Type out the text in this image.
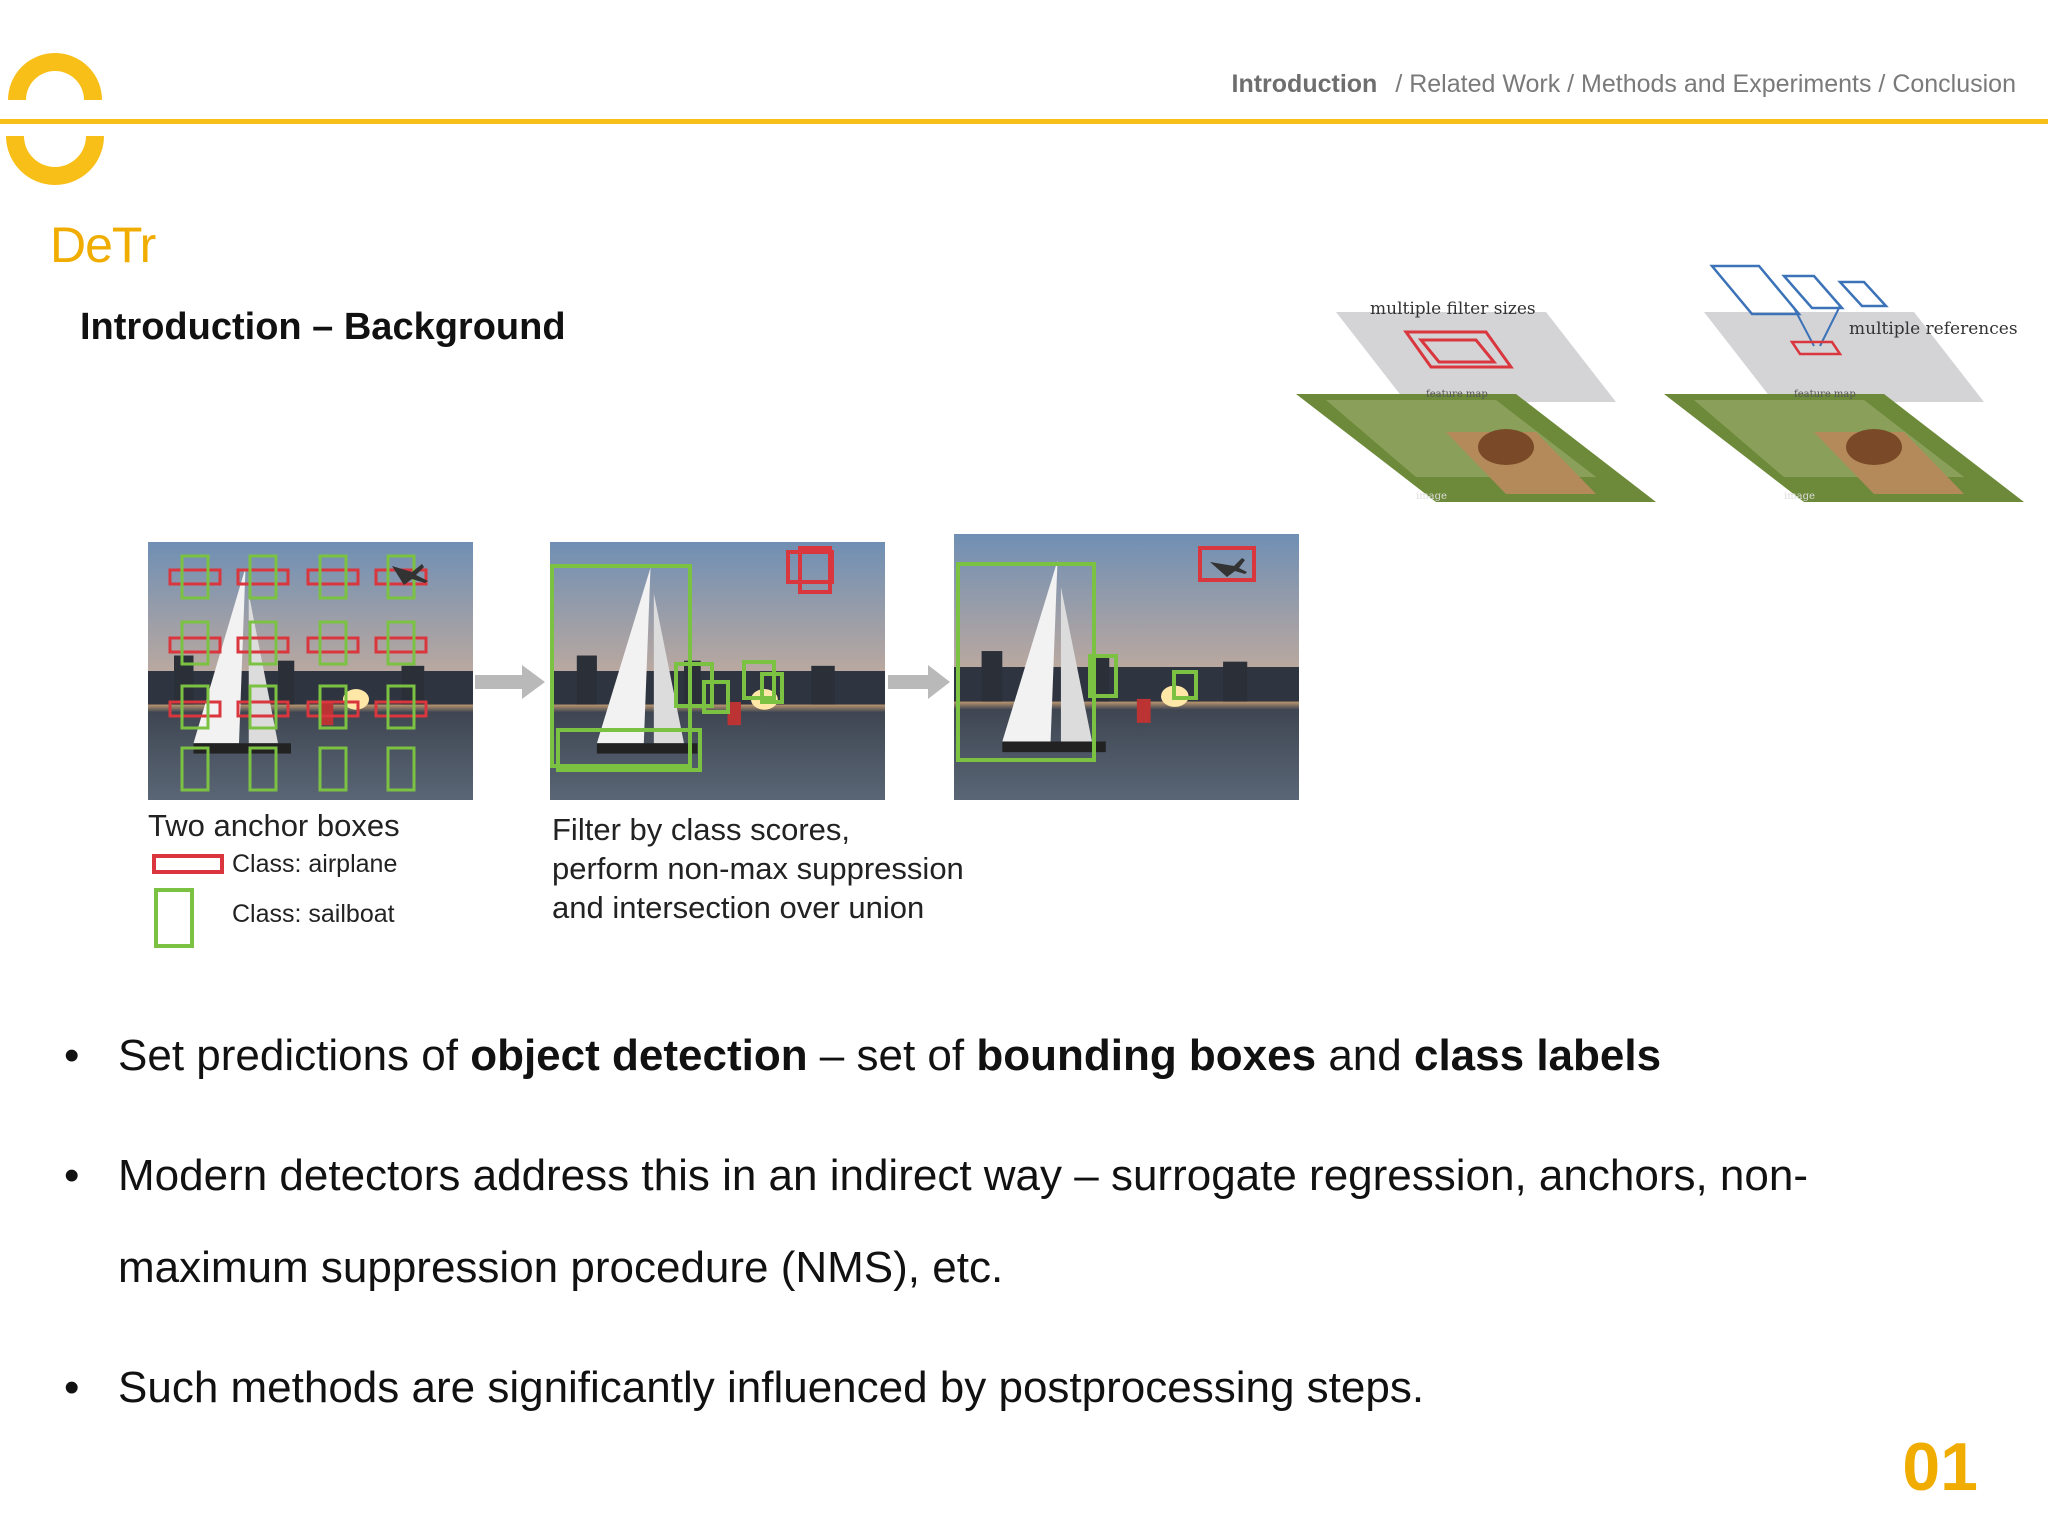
Introduction / Related Work / Methods and Experiments / Conclusion
DeTr
Introduction – Background	multiple filter sizes
feature map
image
multiple references
feature map
image
Two anchor boxes
Class: airplane
Class: sailboat
Filter by class scores,
perform non-max suppression
and intersection over union
• Set predictions of object detection – set of bounding boxes and class labels
• Modern detectors address this in an indirect way – surrogate regression, anchors, non-
maximum suppression procedure (NMS), etc.
• Such methods are significantly influenced by postprocessing steps.
01
